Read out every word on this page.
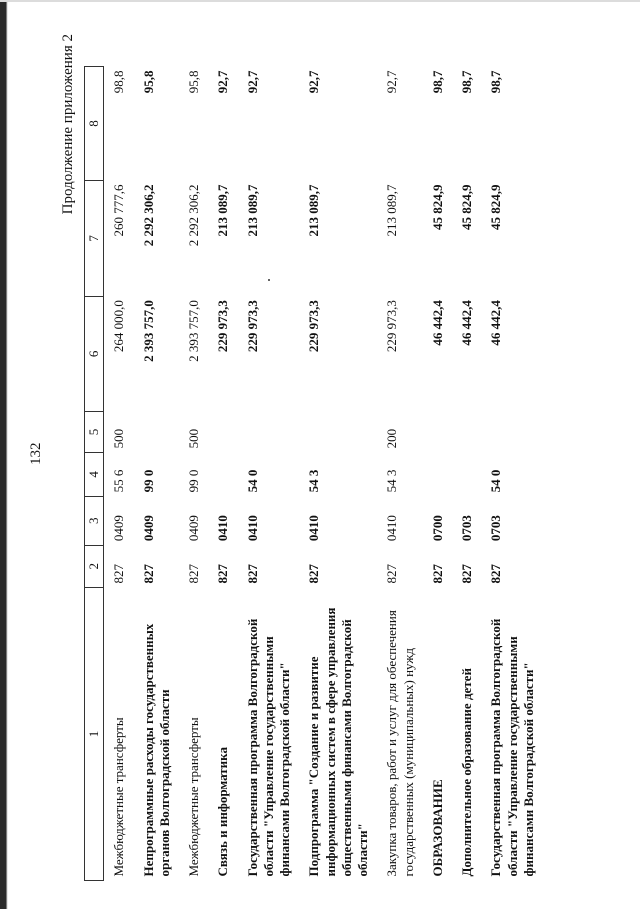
132
Продолжение приложения 2
1	2	3	4	5	6	7	8
Межбюджетные трансферты	827	0409	55 6	500	264 000,0	260 777,6	98,8
Непрограммные расходы государственных органов Волгоградской области	827	0409	99 0		2 393 757,0	2 292 306,2	95,8
Межбюджетные трансферты	827	0409	99 0	500	2 393 757,0	2 292 306,2	95,8
Связь и информатика	827	0410			229 973,3	213 089,7	92,7
Государственная программа Волгоградской области "Управление государственными финансами Волгоградской области"	827	0410	54 0		229 973,3	213 089,7	92,7
Подпрограмма "Создание и развитие информационных систем в сфере управления общественными финансами Волгоградской области"	827	0410	54 3		229 973,3	213 089,7	92,7
Закупка товаров, работ и услуг для обеспечения государственных (муниципальных) нужд	827	0410	54 3	200	229 973,3	213 089,7	92,7
ОБРАЗОВАНИЕ	827	0700			46 442,4	45 824,9	98,7
Дополнительное образование детей	827	0703			46 442,4	45 824,9	98,7
Государственная программа Волгоградской области "Управление государственными финансами Волгоградской области"	827	0703	54 0		46 442,4	45 824,9	98,7
